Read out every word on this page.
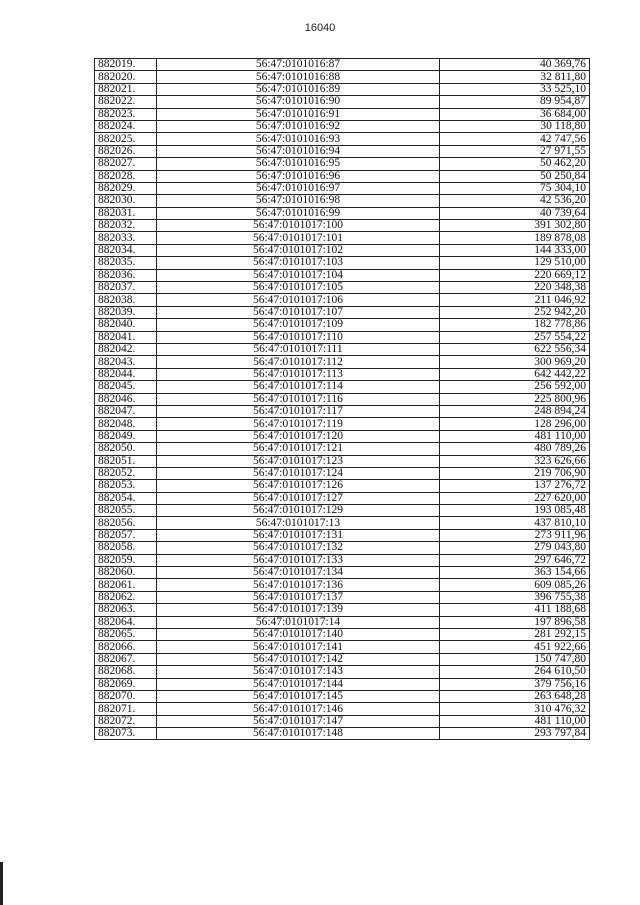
16040
882019.	56:47:0101016:87	40 369,76
882020.	56:47:0101016:88	32 811,80
882021.	56:47:0101016:89	33 525,10
882022.	56:47:0101016:90	89 954,87
882023.	56:47:0101016:91	36 684,00
882024.	56:47:0101016:92	30 118,80
882025.	56:47:0101016:93	42 747,56
882026.	56:47:0101016:94	27 971,55
882027.	56:47:0101016:95	50 462,20
882028.	56:47:0101016:96	50 250,84
882029.	56:47:0101016:97	75 304,10
882030.	56:47:0101016:98	42 536,20
882031.	56:47:0101016:99	40 739,64
882032.	56:47:0101017:100	391 302,80
882033.	56:47:0101017:101	189 878,08
882034.	56:47:0101017:102	144 333,00
882035.	56:47:0101017:103	129 510,00
882036.	56:47:0101017:104	220 669,12
882037.	56:47:0101017:105	220 348,38
882038.	56:47:0101017:106	211 046,92
882039.	56:47:0101017:107	252 942,20
882040.	56:47:0101017:109	182 778,86
882041.	56:47:0101017:110	257 554,22
882042.	56:47:0101017:111	622 556,34
882043.	56:47:0101017:112	300 969,20
882044.	56:47:0101017:113	642 442,22
882045.	56:47:0101017:114	256 592,00
882046.	56:47:0101017:116	225 800,96
882047.	56:47:0101017:117	248 894,24
882048.	56:47:0101017:119	128 296,00
882049.	56:47:0101017:120	481 110,00
882050.	56:47:0101017:121	480 789,26
882051.	56:47:0101017:123	323 626,66
882052.	56:47:0101017:124	219 706,90
882053.	56:47:0101017:126	137 276,72
882054.	56:47:0101017:127	227 620,00
882055.	56:47:0101017:129	193 085,48
882056.	56:47:0101017:13	437 810,10
882057.	56:47:0101017:131	273 911,96
882058.	56:47:0101017:132	279 043,80
882059.	56:47:0101017:133	297 646,72
882060.	56:47:0101017:134	363 154,66
882061.	56:47:0101017:136	609 085,26
882062.	56:47:0101017:137	396 755,38
882063.	56:47:0101017:139	411 188,68
882064.	56:47:0101017:14	197 896,58
882065.	56:47:0101017:140	281 292,15
882066.	56:47:0101017:141	451 922,66
882067.	56:47:0101017:142	150 747,80
882068.	56:47:0101017:143	264 610,50
882069.	56:47:0101017:144	379 756,16
882070.	56:47:0101017:145	263 648,28
882071.	56:47:0101017:146	310 476,32
882072.	56:47:0101017:147	481 110,00
882073.	56:47:0101017:148	293 797,84
